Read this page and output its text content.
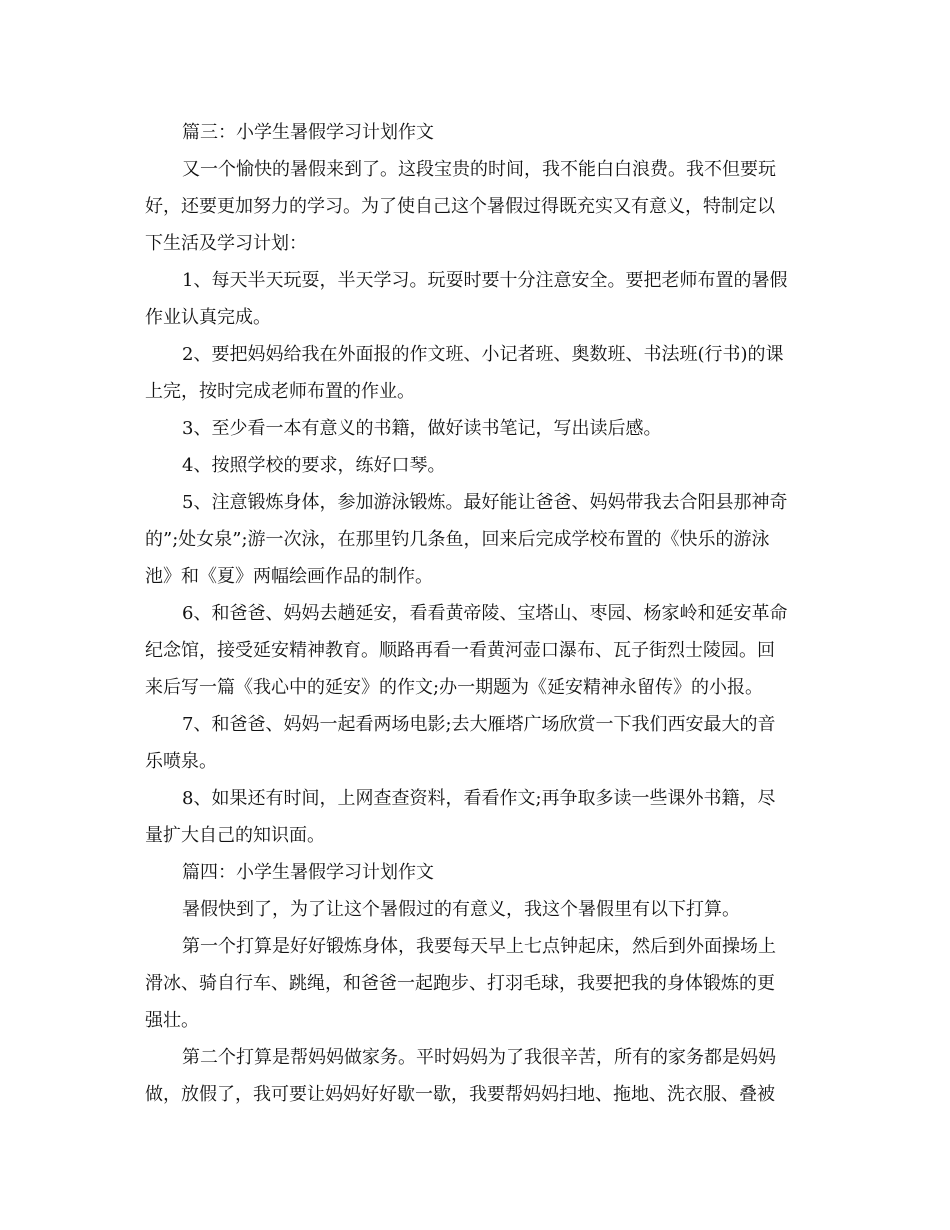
篇三：小学生暑假学习计划作文
又一个愉快的暑假来到了。这段宝贵的时间，我不能白白浪费。我不但要玩
好，还要更加努力的学习。为了使自己这个暑假过得既充实又有意义，特制定以
下生活及学习计划：
1、每天半天玩耍，半天学习。玩耍时要十分注意安全。要把老师布置的暑假
作业认真完成。
2、要把妈妈给我在外面报的作文班、小记者班、奥数班、书法班(行书)的课
上完，按时完成老师布置的作业。
3、至少看一本有意义的书籍，做好读书笔记，写出读后感。
4、按照学校的要求，练好口琴。
5、注意锻炼身体，参加游泳锻炼。最好能让爸爸、妈妈带我去合阳县那神奇
的”;处女泉”;游一次泳，在那里钓几条鱼，回来后完成学校布置的《快乐的游泳
池》和《夏》两幅绘画作品的制作。
6、和爸爸、妈妈去趟延安，看看黄帝陵、宝塔山、枣园、杨家岭和延安革命
纪念馆，接受延安精神教育。顺路再看一看黄河壶口瀑布、瓦子街烈士陵园。回
来后写一篇《我心中的延安》的作文;办一期题为《延安精神永留传》的小报。
7、和爸爸、妈妈一起看两场电影;去大雁塔广场欣赏一下我们西安最大的音
乐喷泉。
8、如果还有时间，上网查查资料，看看作文;再争取多读一些课外书籍，尽
量扩大自己的知识面。
篇四：小学生暑假学习计划作文
暑假快到了，为了让这个暑假过的有意义，我这个暑假里有以下打算。
第一个打算是好好锻炼身体，我要每天早上七点钟起床，然后到外面操场上
滑冰、骑自行车、跳绳，和爸爸一起跑步、打羽毛球，我要把我的身体锻炼的更
强壮。
第二个打算是帮妈妈做家务。平时妈妈为了我很辛苦，所有的家务都是妈妈
做，放假了，我可要让妈妈好好歇一歇，我要帮妈妈扫地、拖地、洗衣服、叠被
